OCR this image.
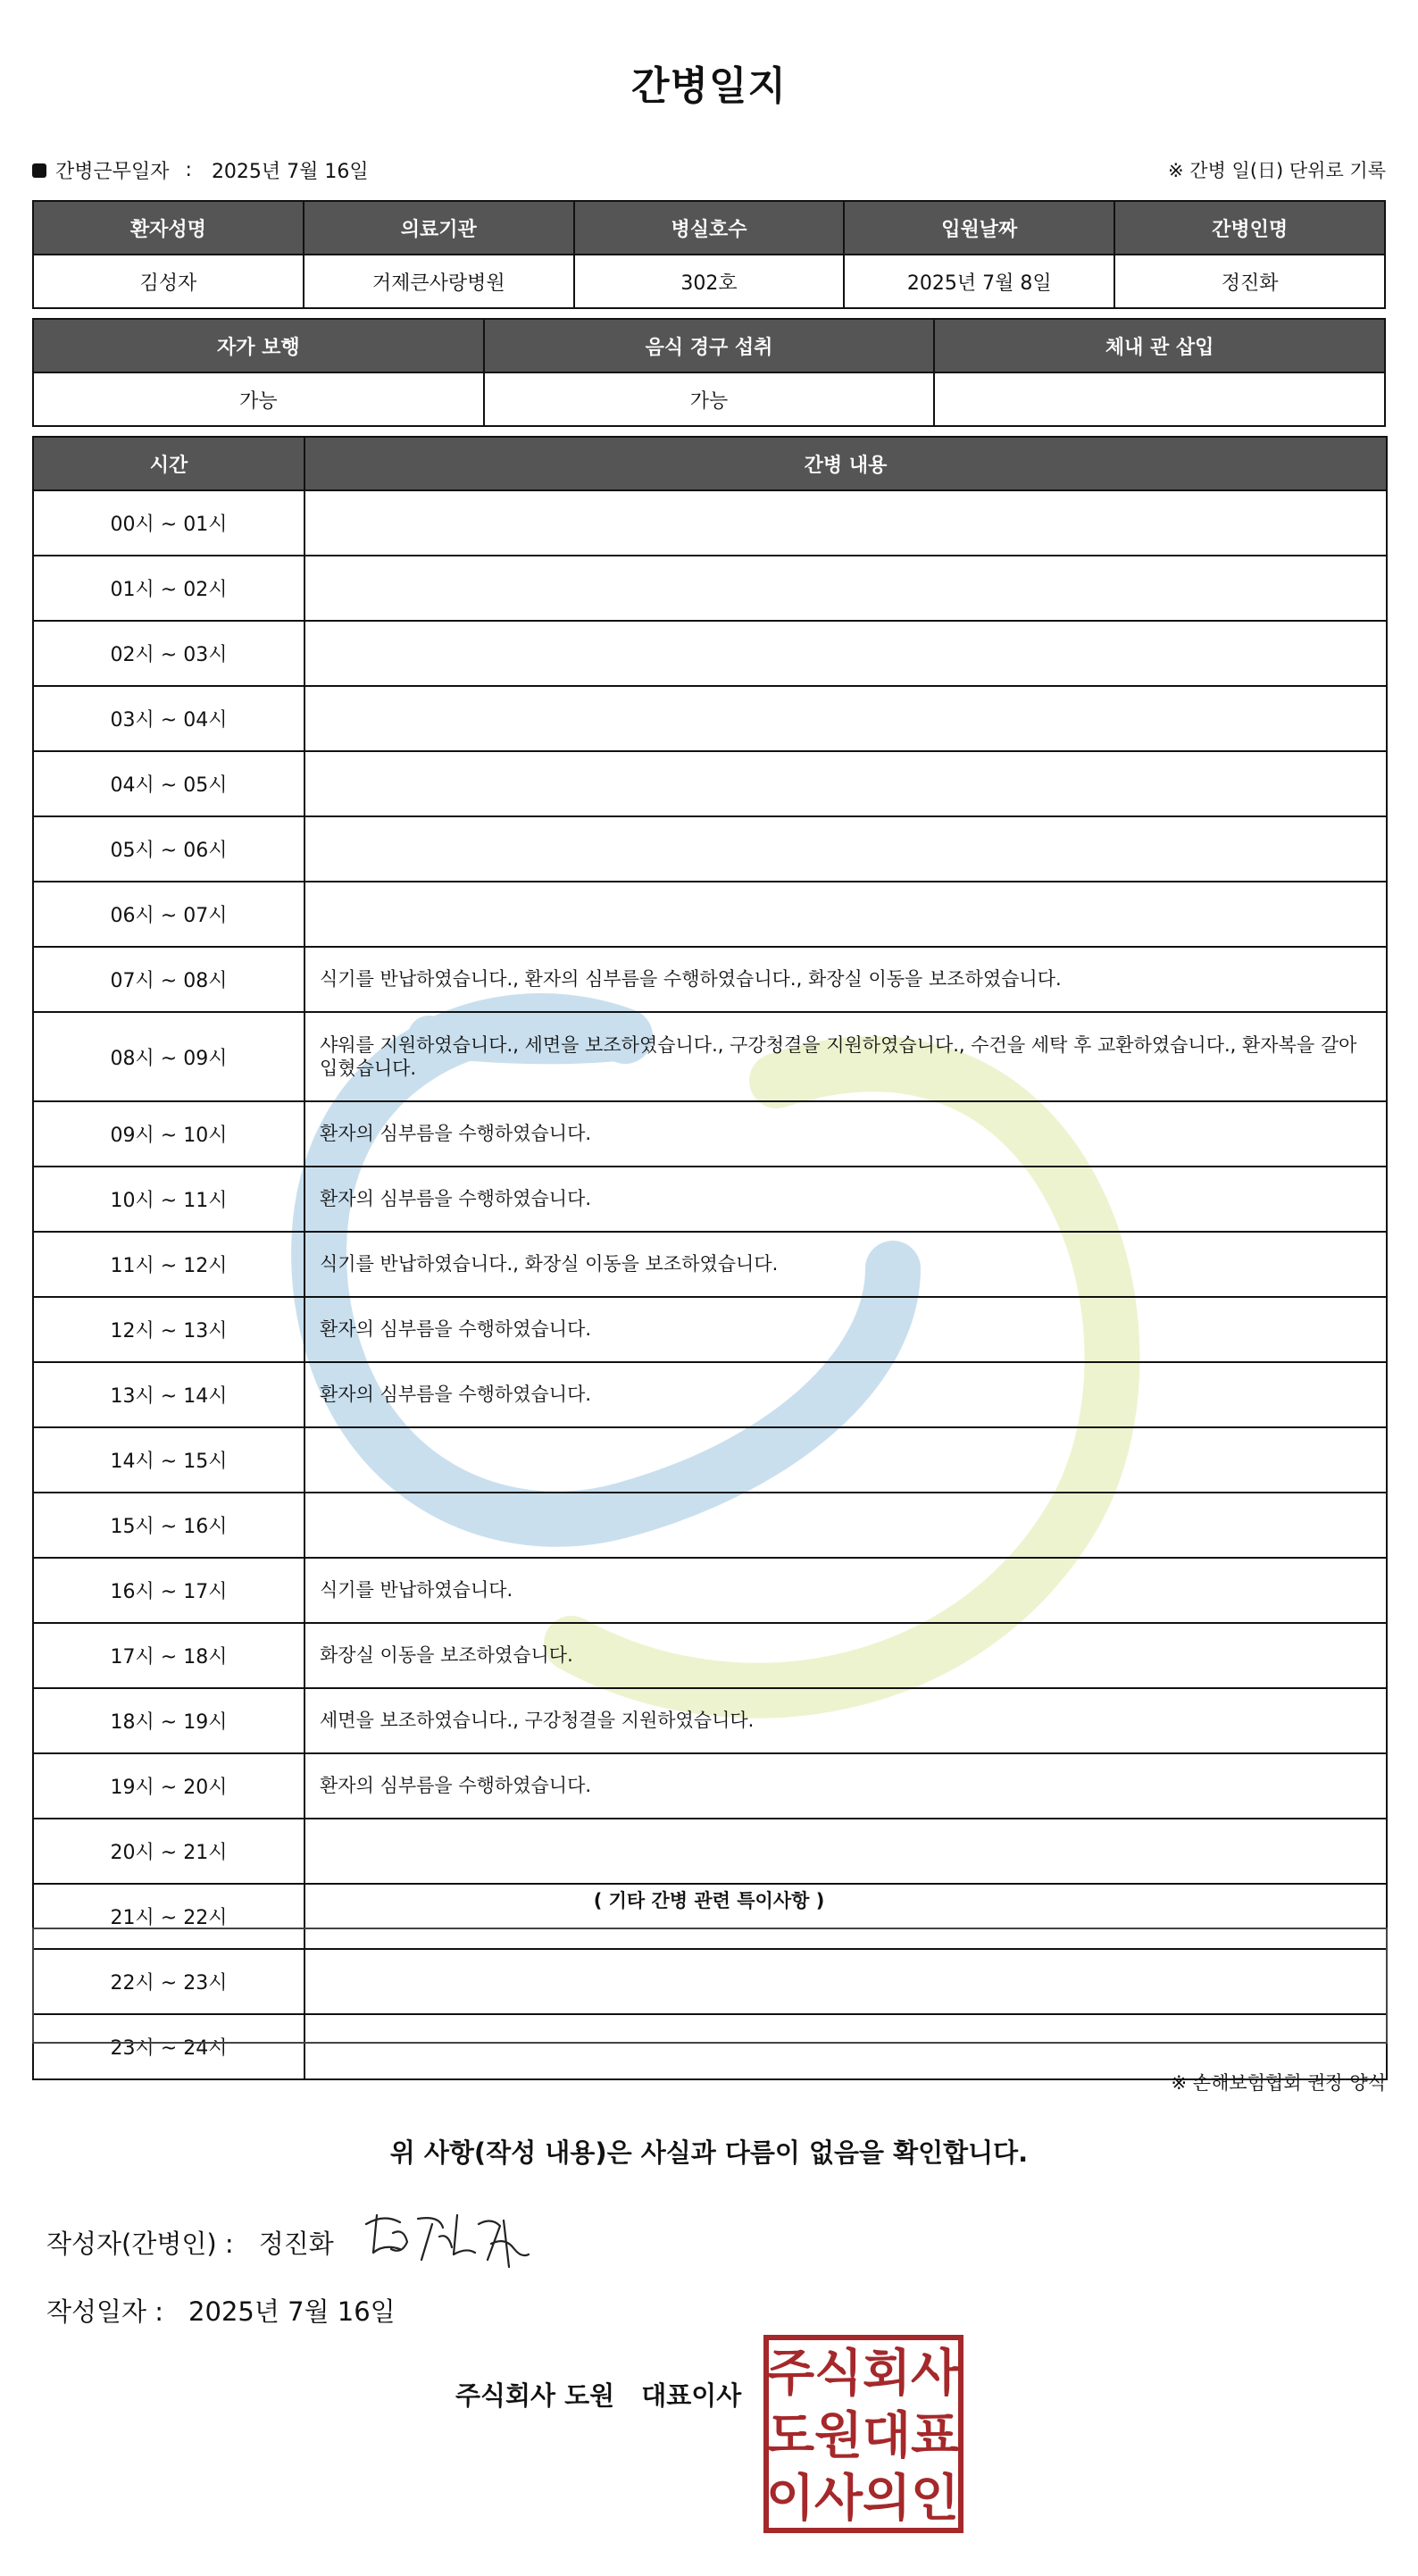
간병일지
간병근무일자 : 2025년 7월 16일	※ 간병 일(日) 단위로 기록
환자성명	의료기관	병실호수	입원날짜	간병인명
김성자	거제큰사랑병원	302호	2025년 7월 8일	정진화
자가 보행	음식 경구 섭취	체내 관 삽입
가능	가능	
시간	간병 내용
00시 ~ 01시	
01시 ~ 02시	
02시 ~ 03시	
03시 ~ 04시	
04시 ~ 05시	
05시 ~ 06시	
06시 ~ 07시	
07시 ~ 08시	식기를 반납하였습니다., 환자의 심부름을 수행하였습니다., 화장실 이동을 보조하였습니다.
08시 ~ 09시	샤워를 지원하였습니다., 세면을 보조하였습니다., 구강청결을 지원하였습니다., 수건을 세탁 후 교환하였습니다., 환자복을 갈아입혔습니다.
09시 ~ 10시	환자의 심부름을 수행하였습니다.
10시 ~ 11시	환자의 심부름을 수행하였습니다.
11시 ~ 12시	식기를 반납하였습니다., 화장실 이동을 보조하였습니다.
12시 ~ 13시	환자의 심부름을 수행하였습니다.
13시 ~ 14시	환자의 심부름을 수행하였습니다.
14시 ~ 15시	
15시 ~ 16시	
16시 ~ 17시	식기를 반납하였습니다.
17시 ~ 18시	화장실 이동을 보조하였습니다.
18시 ~ 19시	세면을 보조하였습니다., 구강청결을 지원하였습니다.
19시 ~ 20시	환자의 심부름을 수행하였습니다.
20시 ~ 21시	
21시 ~ 22시	
22시 ~ 23시	
23시 ~ 24시	
( 기타 간병 관련 특이사항 )
※ 손해보험협회 권장 양식
위 사항(작성 내용)은 사실과 다름이 없음을 확인합니다.
작성자(간병인) : 정진화
작성일자 : 2025년 7월 16일
주식회사 도원 대표이사 주 식 회 사
도 원 대 표
이 사 의 인
